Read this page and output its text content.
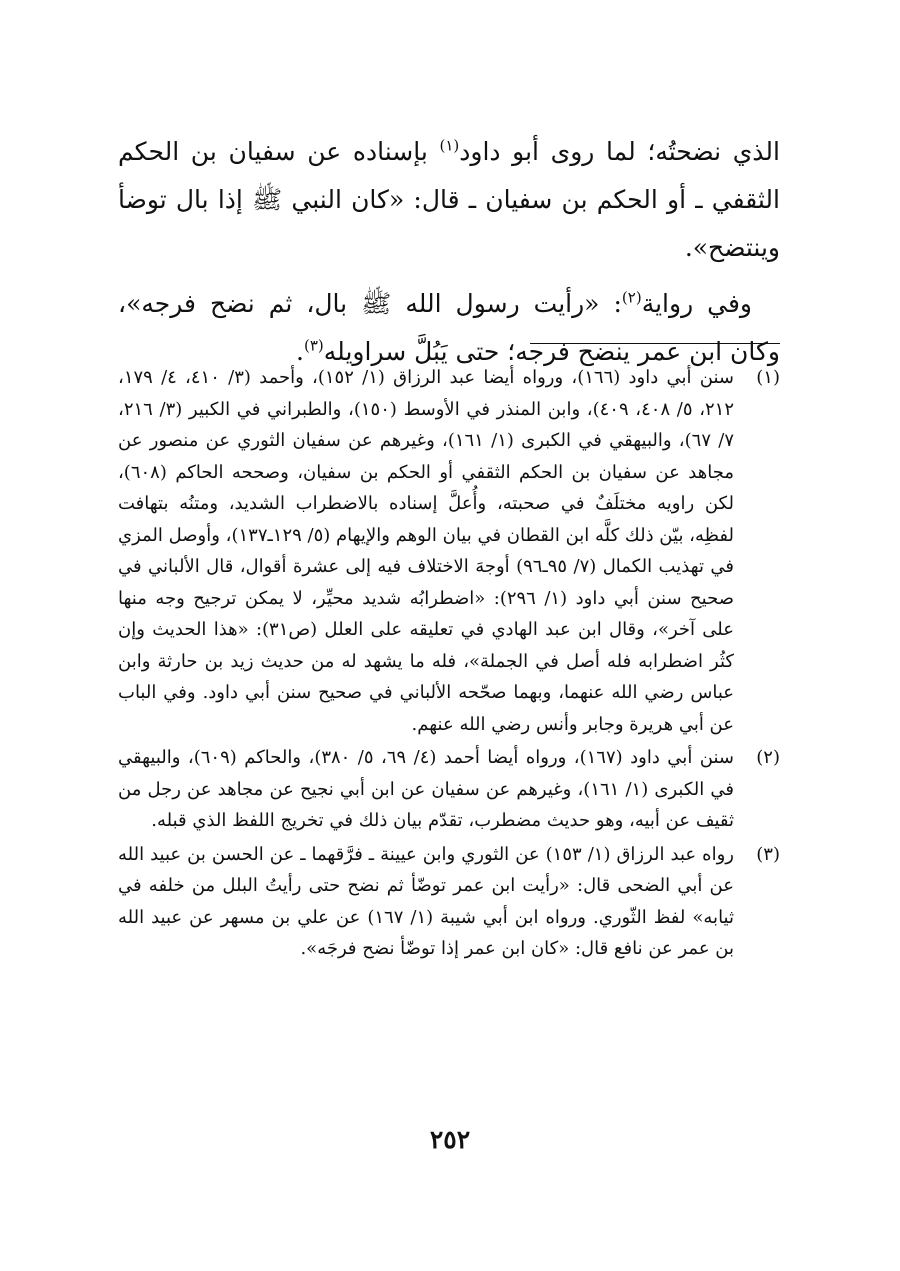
الذي نضحتُه؛ لما روى أبو داود$^{(١)}$ بإسناده عن سفيان بن الحكم الثقفي ـ أو الحكم بن سفيان ـ قال: «كان النبي ﷺ إذا بال توضأ وينتضح».

وفي رواية$^{(٢)}$: «رأيت رسول الله ﷺ بال، ثم نضح فرجه»، وكان ابن عمر ينضح فرجه؛ حتى يَبُلَّ سراويله$^{(٣)}$.

(١)
سنن أبي داود (١٦٦)، ورواه أيضا عبد الرزاق (١/ ١٥٢)، وأحمد (٣/ ٤١٠، ٤/ ١٧٩، ٢١٢، ٥/ ٤٠٨، ٤٠٩)، وابن المنذر في الأوسط (١٥٠)، والطبراني في الكبير (٣/ ٢١٦، ٧/ ٦٧)، والبيهقي في الكبرى (١/ ١٦١)، وغيرهم عن سفيان الثوري عن منصور عن مجاهد عن سفيان بن الحكم الثقفي أو الحكم بن سفيان، وصححه الحاكم (٦٠٨)، لكن راويه مختلَفٌ في صحبته، وأُعلَّ إسناده بالاضطراب الشديد، ومتنُه بتهافت لفظِه، بيّن ذلك كلَّه ابن القطان في بيان الوهم والإيهام (٥/ ١٢٩ـ١٣٧)، وأوصل المزي في تهذيب الكمال (٧/ ٩٥ـ٩٦) أوجهَ الاختلاف فيه إلى عشرة أقوال، قال الألباني في صحيح سنن أبي داود (١/ ٢٩٦): «اضطرابُه شديد محيِّر، لا يمكن ترجيح وجه منها على آخر»، وقال ابن عبد الهادي في تعليقه على العلل (ص٣١): «هذا الحديث وإن كثُر اضطرابه فله أصل في الجملة»، فله ما يشهد له من حديث زيد بن حارثة وابن عباس رضي الله عنهما، وبهما صحّحه الألباني في صحيح سنن أبي داود. وفي الباب عن أبي هريرة وجابر وأنس رضي الله عنهم.
(٢)
سنن أبي داود (١٦٧)، ورواه أيضا أحمد (٤/ ٦٩، ٥/ ٣٨٠)، والحاكم (٦٠٩)، والبيهقي في الكبرى (١/ ١٦١)، وغيرهم عن سفيان عن ابن أبي نجيح عن مجاهد عن رجل من ثقيف عن أبيه، وهو حديث مضطرب، تقدّم بيان ذلك في تخريج اللفظ الذي قبله.
(٣)
رواه عبد الرزاق (١/ ١٥٣) عن الثوري وابن عيينة ـ فرَّقهما ـ عن الحسن بن عبيد الله عن أبي الضحى قال: «رأيت ابن عمر توضّأ ثم نضح حتى رأيتُ البلل من خلفه في ثيابه» لفظ الثّوري. ورواه ابن أبي شيبة (١/ ١٦٧) عن علي بن مسهر عن عبيد الله بن عمر عن نافع قال: «كان ابن عمر إذا توضّأ نضح فرجَه».
٢٥٢
